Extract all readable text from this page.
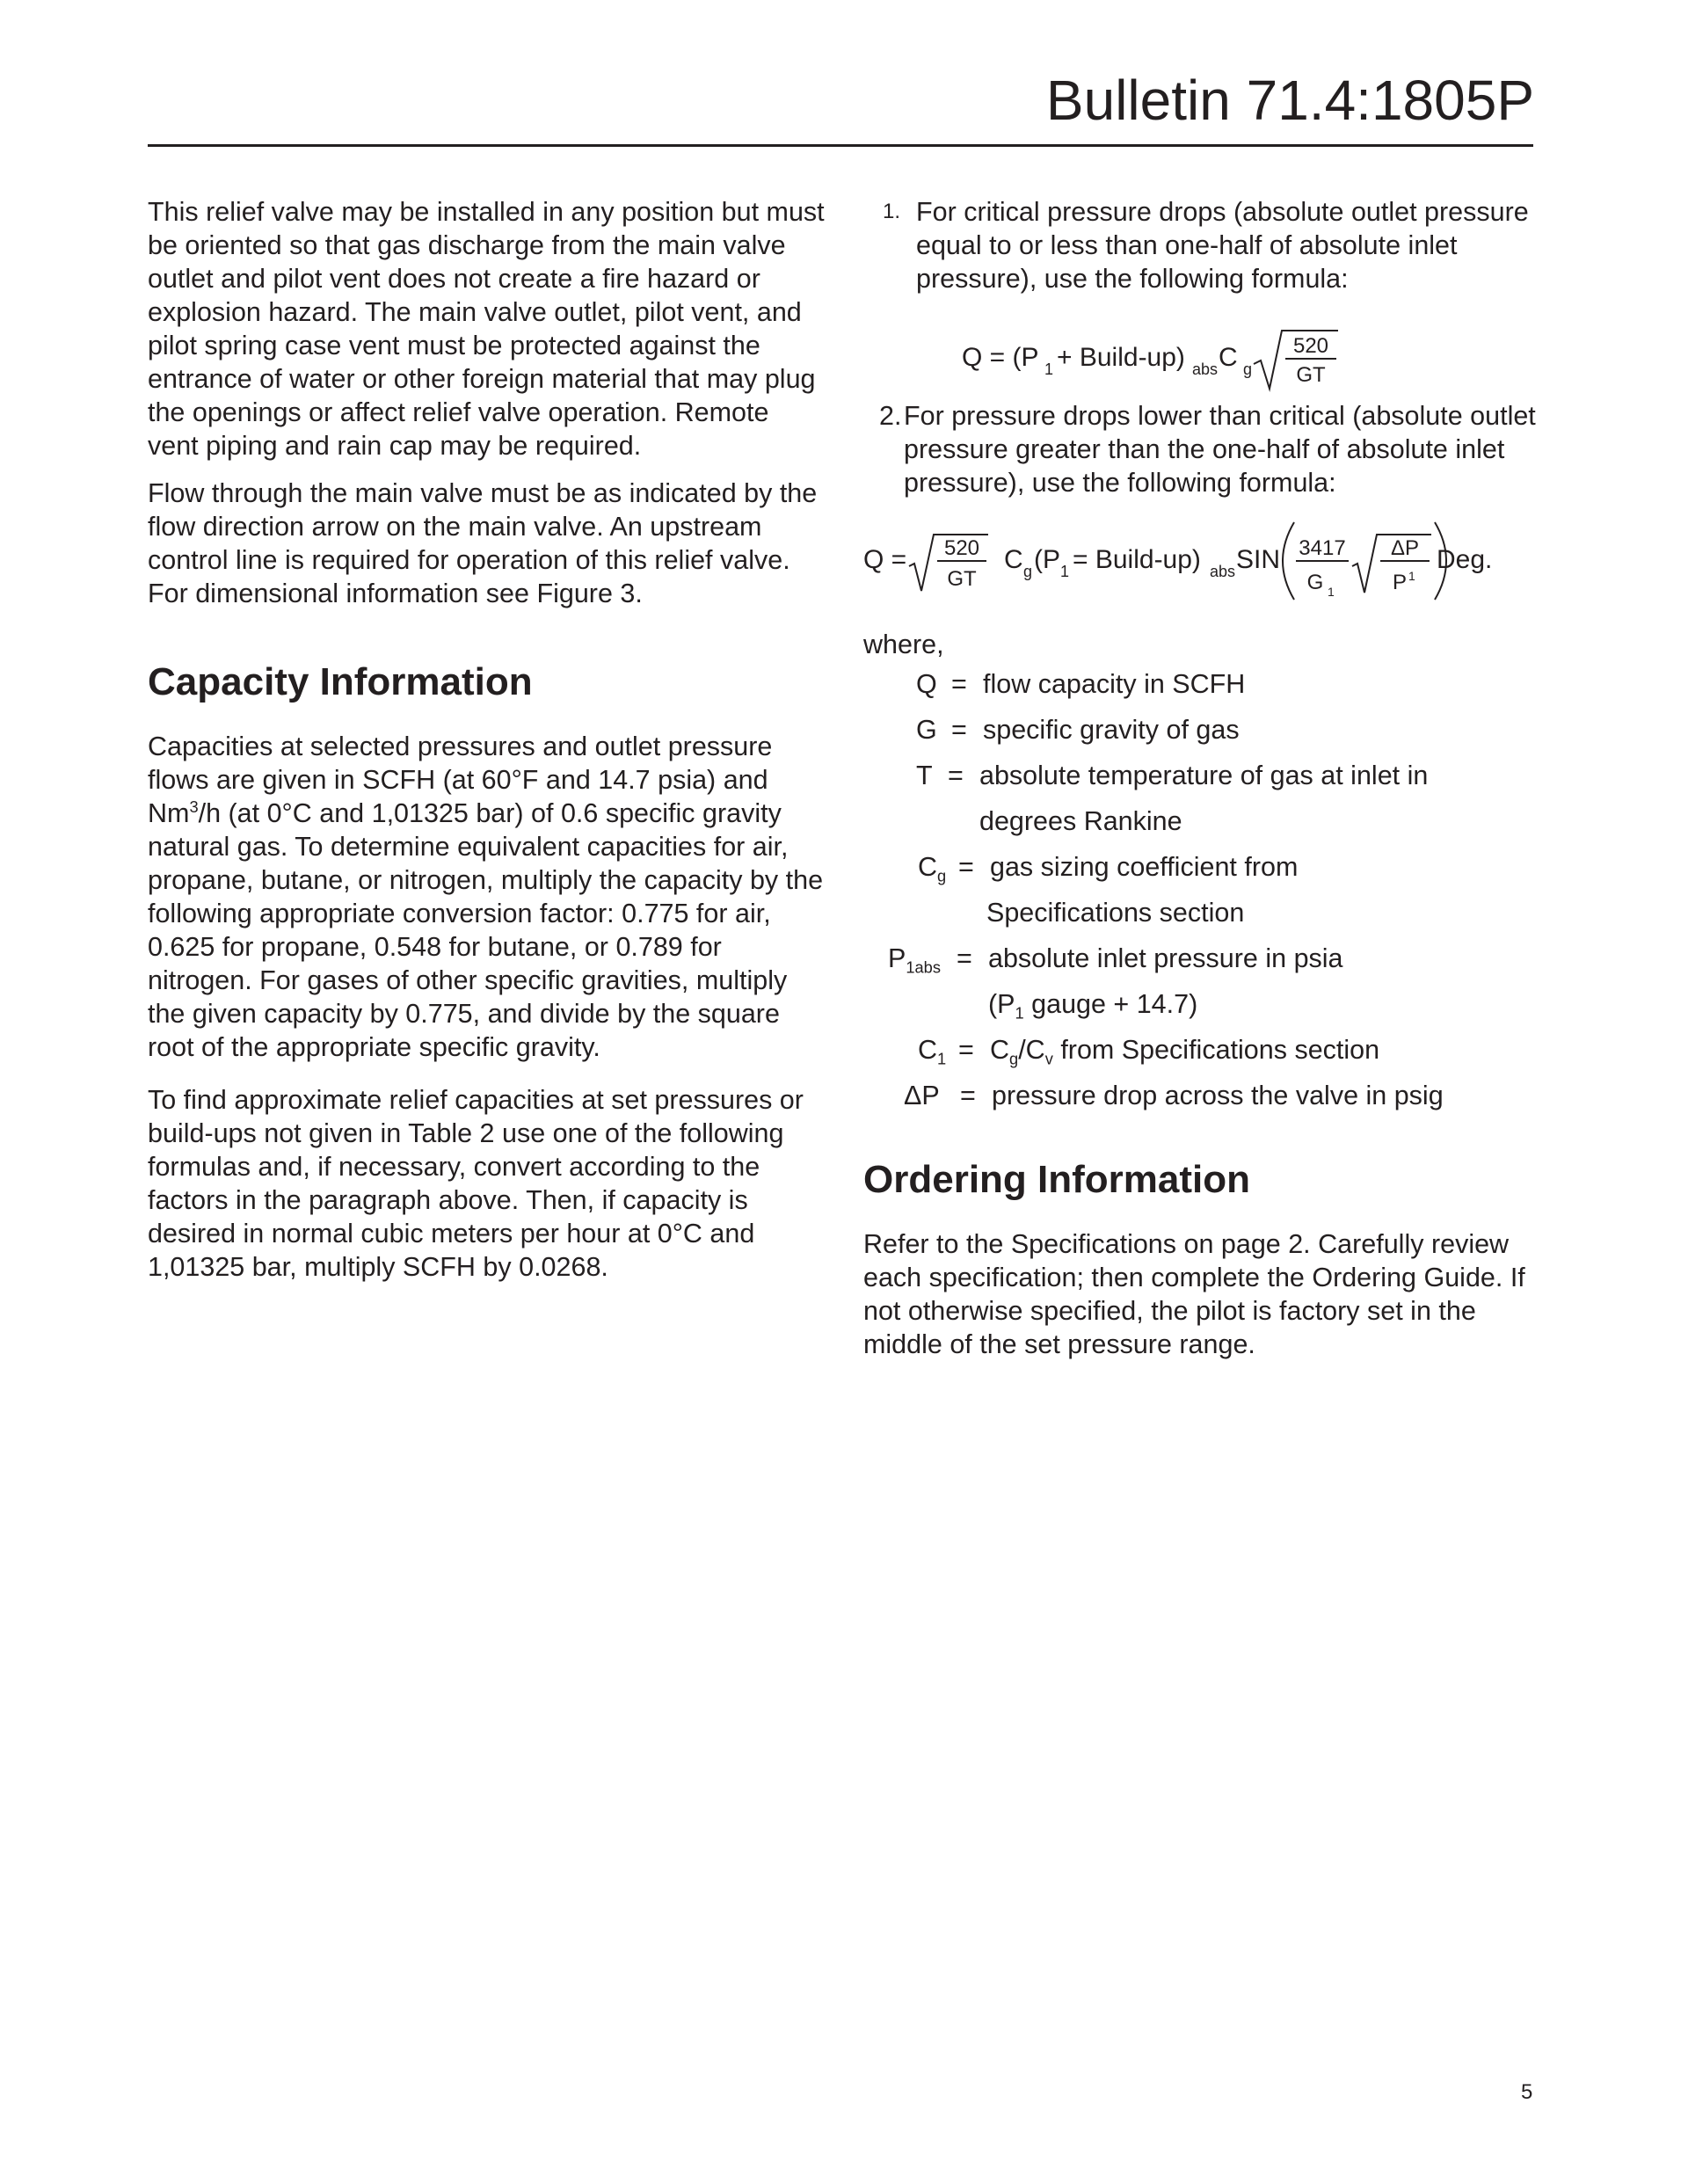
Bulletin 71.4:1805P

This relief valve may be installed in any position but must be oriented so that gas discharge from the main valve outlet and pilot vent does not create a fire hazard or explosion hazard. The main valve outlet, pilot vent, and pilot spring case vent must be protected against the entrance of water or other foreign material that may plug the openings or affect relief valve operation. Remote vent piping and rain cap may be required.

Flow through the main valve must be as indicated by the flow direction arrow on the main valve. An upstream control line is required for operation of this relief valve. For dimensional information see Figure 3.

Capacity Information

Capacities at selected pressures and outlet pressure flows are given in SCFH (at 60°F and 14.7 psia) and Nm$^3$/h (at 0°C and 1,01325 bar) of 0.6 specific gravity natural gas. To determine equivalent capacities for air, propane, butane, or nitrogen, multiply the capacity by the following appropriate conversion factor: 0.775 for air, 0.625 for propane, 0.548 for butane, or 0.789 for nitrogen. For gases of other specific gravities, multiply the given capacity by 0.775, and divide by the square root of the appropriate specific gravity.

To find approximate relief capacities at set pressures or build-ups not given in Table 2 use one of the following formulas and, if necessary, convert according to the factors in the paragraph above. Then, if capacity is desired in normal cubic meters per hour at 0°C and 1,01325 bar, multiply SCFH by 0.0268.

1. For critical pressure drops (absolute outlet pressure equal to or less than one-half of absolute inlet pressure), use the following formula:

Q = (P 1 + Build-up) abs C g
520
GT

2. For pressure drops lower than critical (absolute outlet pressure greater than the one-half of absolute inlet pressure), use the following formula:

Q = 520
GT
C g (P 1 = Build-up) abs SIN 3417
G 1
ΔP
P 1
Deg.

where,

Q = flow capacity in SCFH
G = specific gravity of gas
T = absolute temperature of gas at inlet in
degrees Rankine
$C_g$ = gas sizing coefficient from
Specifications section
$P_{1abs}$ = absolute inlet pressure in psia
($P_1$ gauge + 14.7)
$C_1 = C_g/C_v$ from Specifications section
ΔP = pressure drop across the valve in psig
Ordering Information

Refer to the Specifications on page 2. Carefully review each specification; then complete the Ordering Guide. If not otherwise specified, the pilot is factory set in the middle of the set pressure range.

5
